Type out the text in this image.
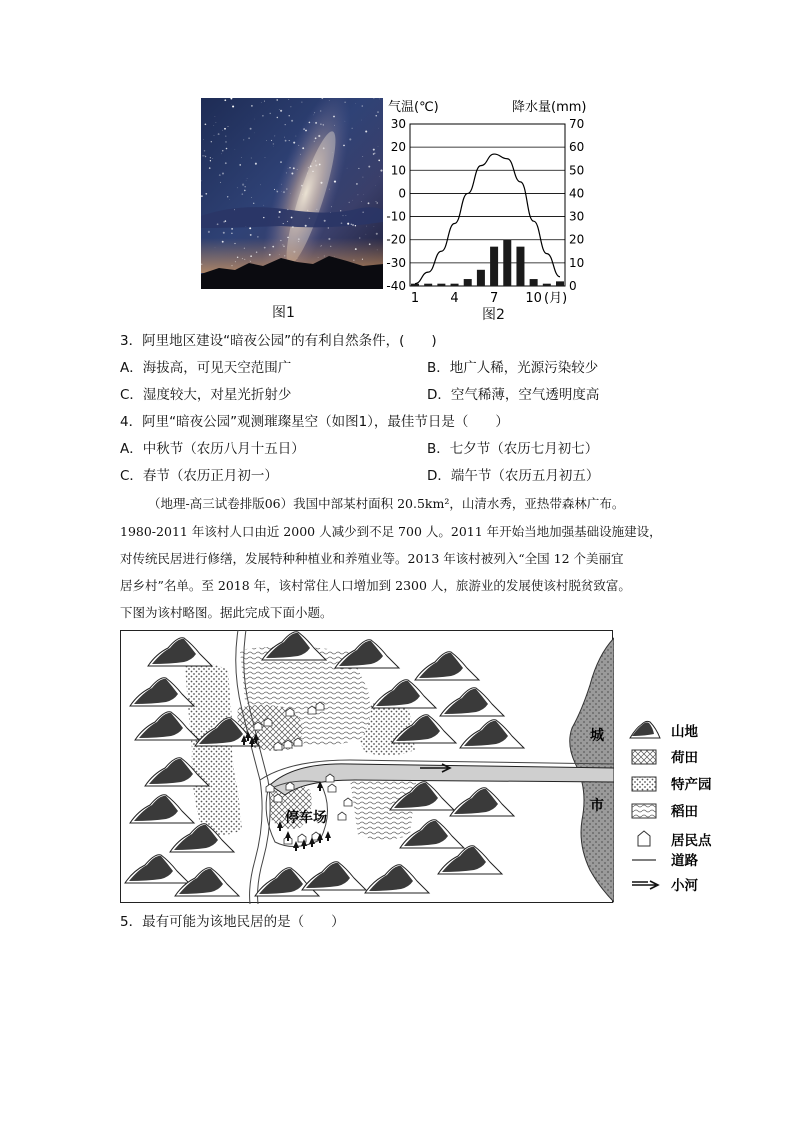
图1
气温(℃)	降水量(mm)
30
20
10
0
-10
-20
-30
-40
70
60
50
40
30
20
10
0
1 4 7 10 (月)
图2
3．阿里地区建设“暗夜公园”的有利自然条件，(　　)
A．海拔高，可见天空范围广	B．地广人稀，光源污染较少
C．湿度较大，对星光折射少	D．空气稀薄，空气透明度高
4．阿里“暗夜公园”观测璀璨星空（如图1），最佳节日是（　　）
A．中秋节（农历八月十五日）	B．七夕节（农历七月初七）
C．春节（农历正月初一）	D．端午节（农历五月初五）
（地理-高三试卷排版06）我国中部某村面积 20.5km²，山清水秀，亚热带森林广布。
1980-2011 年该村人口由近 2000 人减少到不足 700 人。2011 年开始当地加强基础设施建设，
对传统民居进行修缮，发展特种种植业和养殖业等。2013 年该村被列入“全国 12 个美丽宜
居乡村”名单。至 2018 年，该村常住人口增加到 2300 人，旅游业的发展使该村脱贫致富。
下图为该村略图。据此完成下面小题。
城
市
停车场
山地
荷田
特产园
稻田
居民点
道路
小河
5．最有可能为该地民居的是（　　）
